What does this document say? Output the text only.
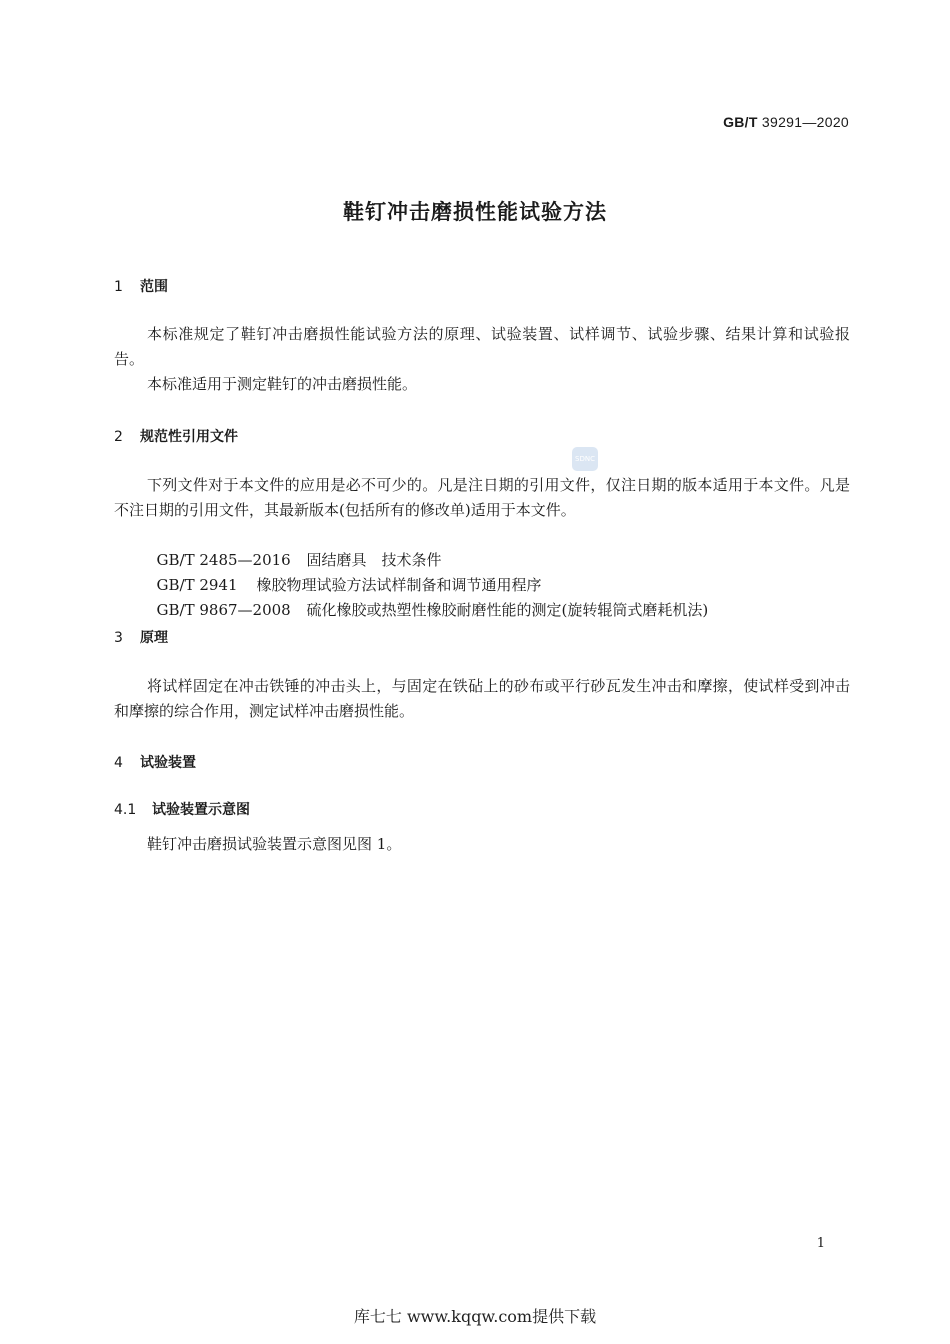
GB/T 39291—2020
鞋钉冲击磨损性能试验方法
1 范围
本标准规定了鞋钉冲击磨损性能试验方法的原理、试验装置、试样调节、试验步骤、结果计算和试验报告。
本标准适用于测定鞋钉的冲击磨损性能。
2 规范性引用文件
SDNC
下列文件对于本文件的应用是必不可少的。凡是注日期的引用文件，仅注日期的版本适用于本文件。凡是不注日期的引用文件，其最新版本(包括所有的修改单)适用于本文件。

GB/T 2485—2016 固结磨具　技术条件

GB/T 2941 橡胶物理试验方法试样制备和调节通用程序

GB/T 9867—2008 硫化橡胶或热塑性橡胶耐磨性能的测定(旋转辊筒式磨耗机法)

3 原理
将试样固定在冲击铁锤的冲击头上，与固定在铁砧上的砂布或平行砂瓦发生冲击和摩擦，使试样受到冲击和摩擦的综合作用，测定试样冲击磨损性能。
4 试验装置
4.1 试验装置示意图
鞋钉冲击磨损试验装置示意图见图 1。
1
库七七 www.kqqw.com提供下载
